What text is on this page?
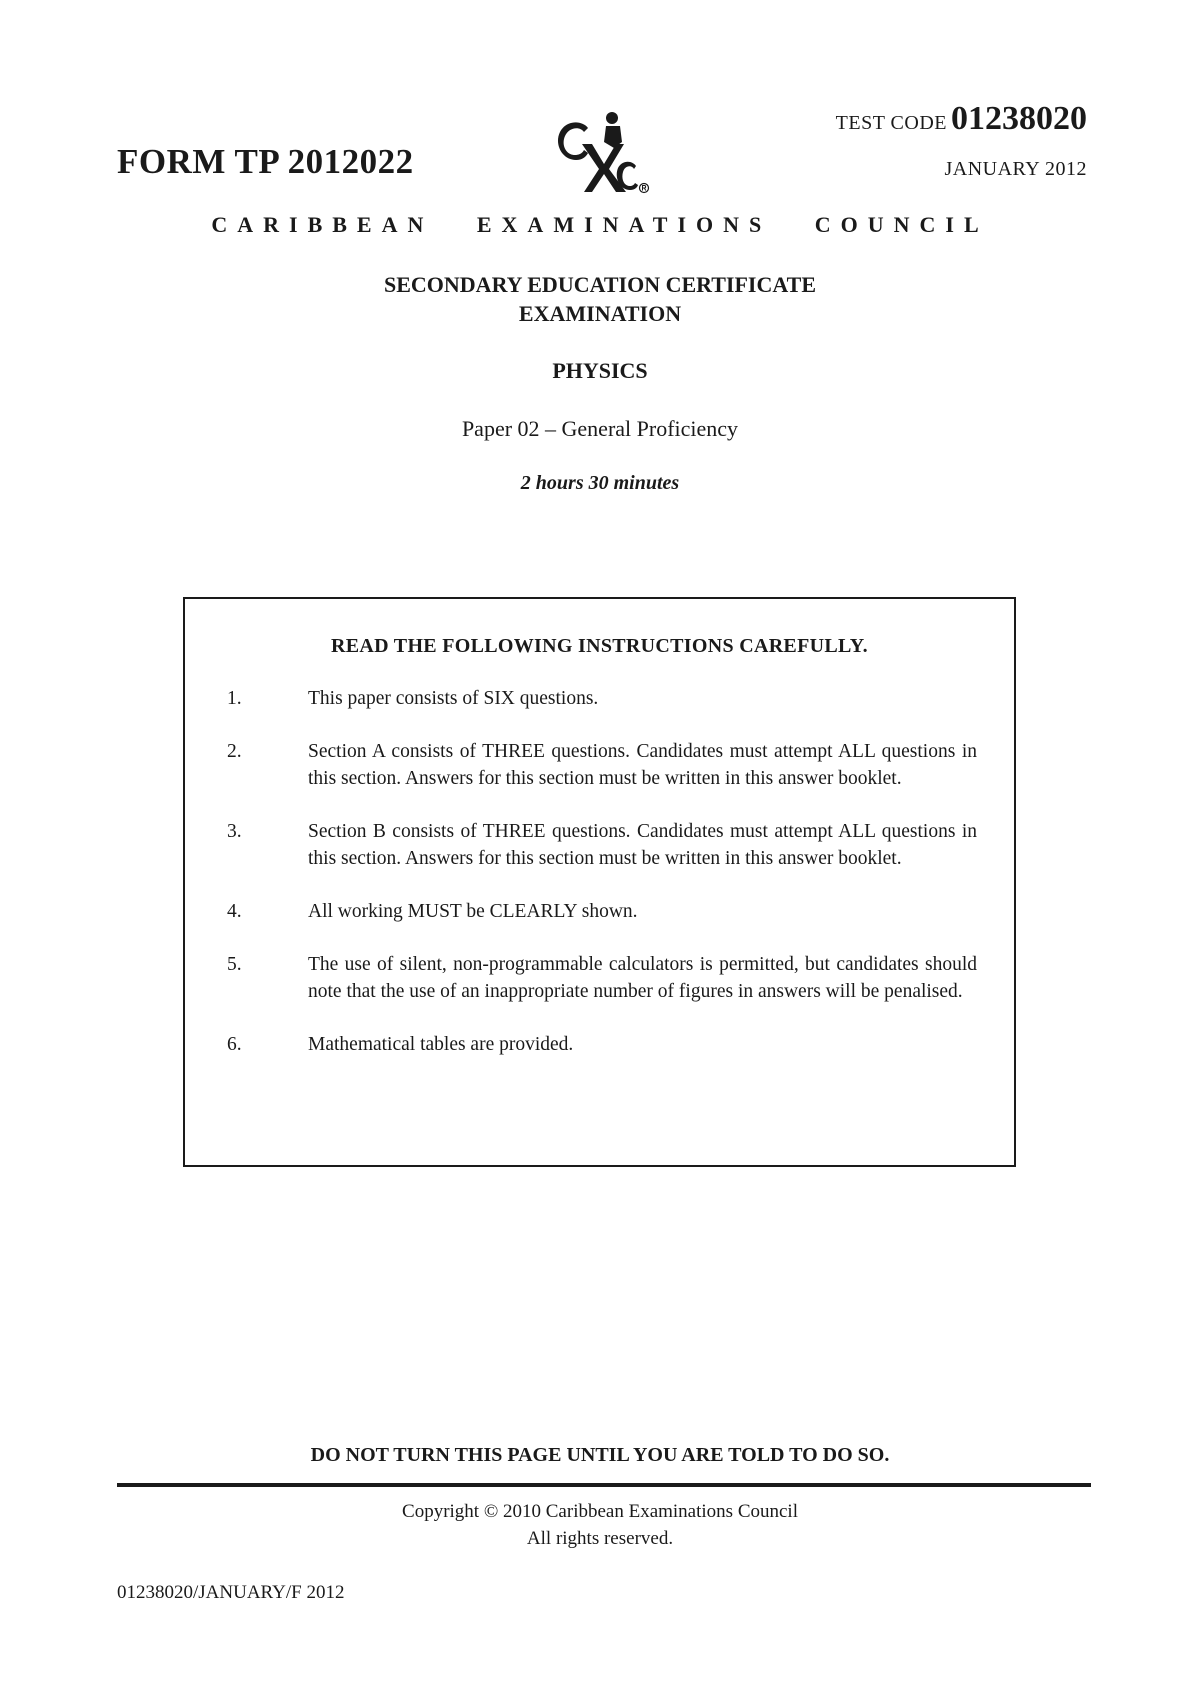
FORM TP 2012022
TEST CODE 01238020
JANUARY 2012
CARIBBEAN EXAMINATIONS COUNCIL
SECONDARY EDUCATION CERTIFICATE
EXAMINATION
PHYSICS
Paper 02 – General Proficiency
2 hours 30 minutes
READ THE FOLLOWING INSTRUCTIONS CAREFULLY.
1.	This paper consists of SIX questions.
2.	Section A consists of THREE questions. Candidates must attempt ALL questions in this section. Answers for this section must be written in this answer booklet.
3.	Section B consists of THREE questions. Candidates must attempt ALL questions in this section. Answers for this section must be written in this answer booklet.
4.	All working MUST be CLEARLY shown.
5.	The use of silent, non-programmable calculators is permitted, but candidates should note that the use of an inappropriate number of figures in answers will be penalised.
6.	Mathematical tables are provided.
DO NOT TURN THIS PAGE UNTIL YOU ARE TOLD TO DO SO.
Copyright © 2010 Caribbean Examinations Council
All rights reserved.
01238020/JANUARY/F 2012
